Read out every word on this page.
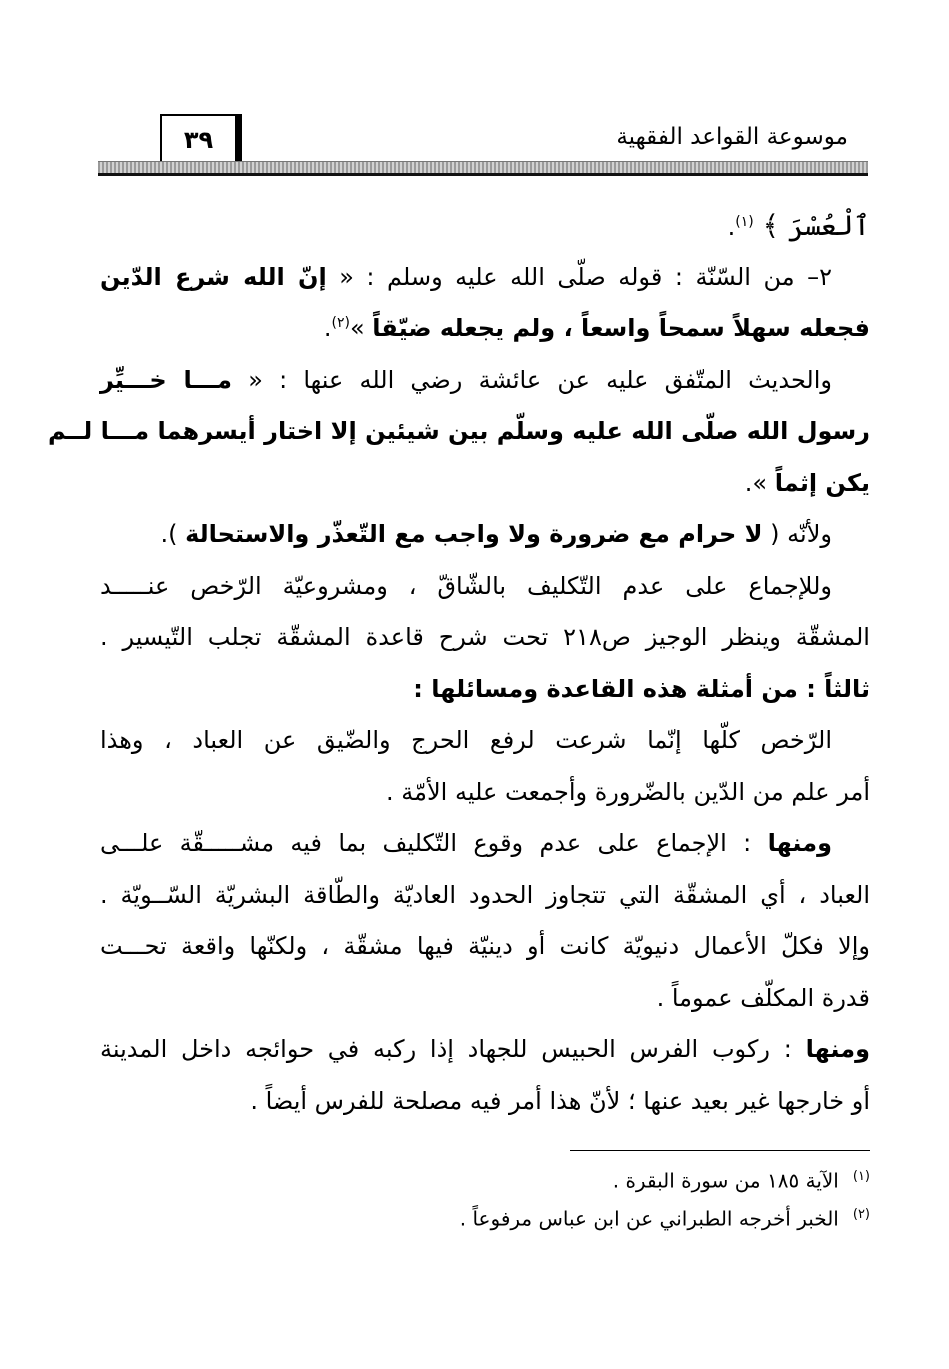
موسوعة القواعد الفقهية
٣٩
ٱلْعُسْرَ ﴾ $^{(١)}$.
٢– من السّنّة : قوله صلّى الله عليه وسلم : « إنّ الله شرع الدّين
فجعله سهلاً سمحاً واسعاً ، ولم يجعله ضيّقاً »$^{(٢)}$.
والحديث المتّفق عليه عن عائشة رضي الله عنها : « مـــا خـــيِّر
رسول الله صلّى الله عليه وسلّم بين شيئين إلا اختار أيسرهما مـــا لــم
يكن إثماً ».
ولأنّه ( لا حرام مع ضرورة ولا واجب مع التّعذّر والاستحالة ).
وللإجماع على عدم التّكليف بالشّاقّ ، ومشروعيّة الرّخص عنـــــد
المشقّة وينظر الوجيز ص٢١٨ تحت شرح قاعدة المشقّة تجلب التّيسير .
ثالثاً : من أمثلة هذه القاعدة ومسائلها :
الرّخص كلّها إنّما شرعت لرفع الحرج والضّيق عن العباد ، وهذا
أمر علم من الدّين بالضّرورة وأجمعت عليه الأمّة .
ومنها : الإجماع على عدم وقوع التّكليف بما فيه مشـــــقّة علـــى
العباد ، أي المشقّة التي تتجاوز الحدود العاديّة والطّاقة البشريّة السّــويّة .
وإلا فكلّ الأعمال دنيويّة كانت أو دينيّة فيها مشقّة ، ولكنّها واقعة تحـــت
قدرة المكلّف عموماً .
ومنها : ركوب الفرس الحبيس للجهاد إذا ركبه في حوائجه داخل المدينة
أو خارجها غير بعيد عنها ؛ لأنّ هذا أمر فيه مصلحة للفرس أيضاً .
$^{(١)}$الآية ١٨٥ من سورة البقرة .
$^{(٢)}$الخبر أخرجه الطبراني عن ابن عباس مرفوعاً .
